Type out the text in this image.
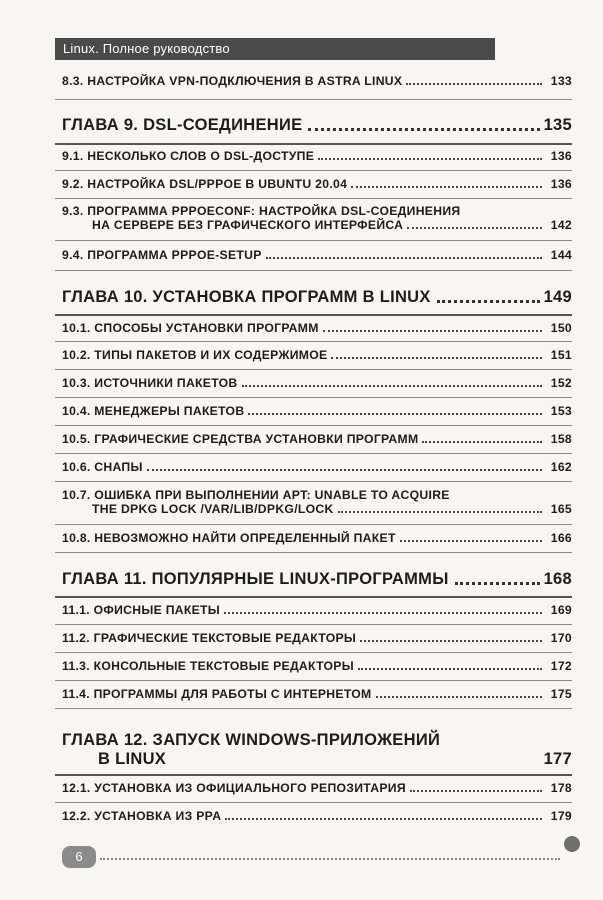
Linux. Полное руководство
8.3. НАСТРОЙКА VPN-ПОДКЛЮЧЕНИЯ В ASTRA LINUX	133
ГЛАВА 9. DSL-СОЕДИНЕНИЕ	135
9.1. НЕСКОЛЬКО СЛОВ О DSL-ДОСТУПЕ	136
9.2. НАСТРОЙКА DSL/PPPOE В UBUNTU 20.04	136
9.3. ПРОГРАММА PPPOECONF: НАСТРОЙКА DSL-СОЕДИНЕНИЯ
НА СЕРВЕРЕ БЕЗ ГРАФИЧЕСКОГО ИНТЕРФЕЙСА	142
9.4. ПРОГРАММА PPPOE-SETUP	144
ГЛАВА 10. УСТАНОВКА ПРОГРАММ В LINUX	149
10.1. СПОСОБЫ УСТАНОВКИ ПРОГРАММ	150
10.2. ТИПЫ ПАКЕТОВ И ИХ СОДЕРЖИМОЕ	151
10.3. ИСТОЧНИКИ ПАКЕТОВ	152
10.4. МЕНЕДЖЕРЫ ПАКЕТОВ	153
10.5. ГРАФИЧЕСКИЕ СРЕДСТВА УСТАНОВКИ ПРОГРАММ	158
10.6. СНАПЫ	162
10.7. ОШИБКА ПРИ ВЫПОЛНЕНИИ APT: UNABLE TO ACQUIRE
THE DPKG LOCK /VAR/LIB/DPKG/LOCK	165
10.8. НЕВОЗМОЖНО НАЙТИ ОПРЕДЕЛЕННЫЙ ПАКЕТ	166
ГЛАВА 11. ПОПУЛЯРНЫЕ LINUX-ПРОГРАММЫ	168
11.1. ОФИСНЫЕ ПАКЕТЫ	169
11.2. ГРАФИЧЕСКИЕ ТЕКСТОВЫЕ РЕДАКТОРЫ	170
11.3. КОНСОЛЬНЫЕ ТЕКСТОВЫЕ РЕДАКТОРЫ	172
11.4. ПРОГРАММЫ ДЛЯ РАБОТЫ С ИНТЕРНЕТОМ	175
ГЛАВА 12. ЗАПУСК WINDOWS-ПРИЛОЖЕНИЙ
В LINUX	177
12.1. УСТАНОВКА ИЗ ОФИЦИАЛЬНОГО РЕПОЗИТАРИЯ	178
12.2. УСТАНОВКА ИЗ PPA	179
6
